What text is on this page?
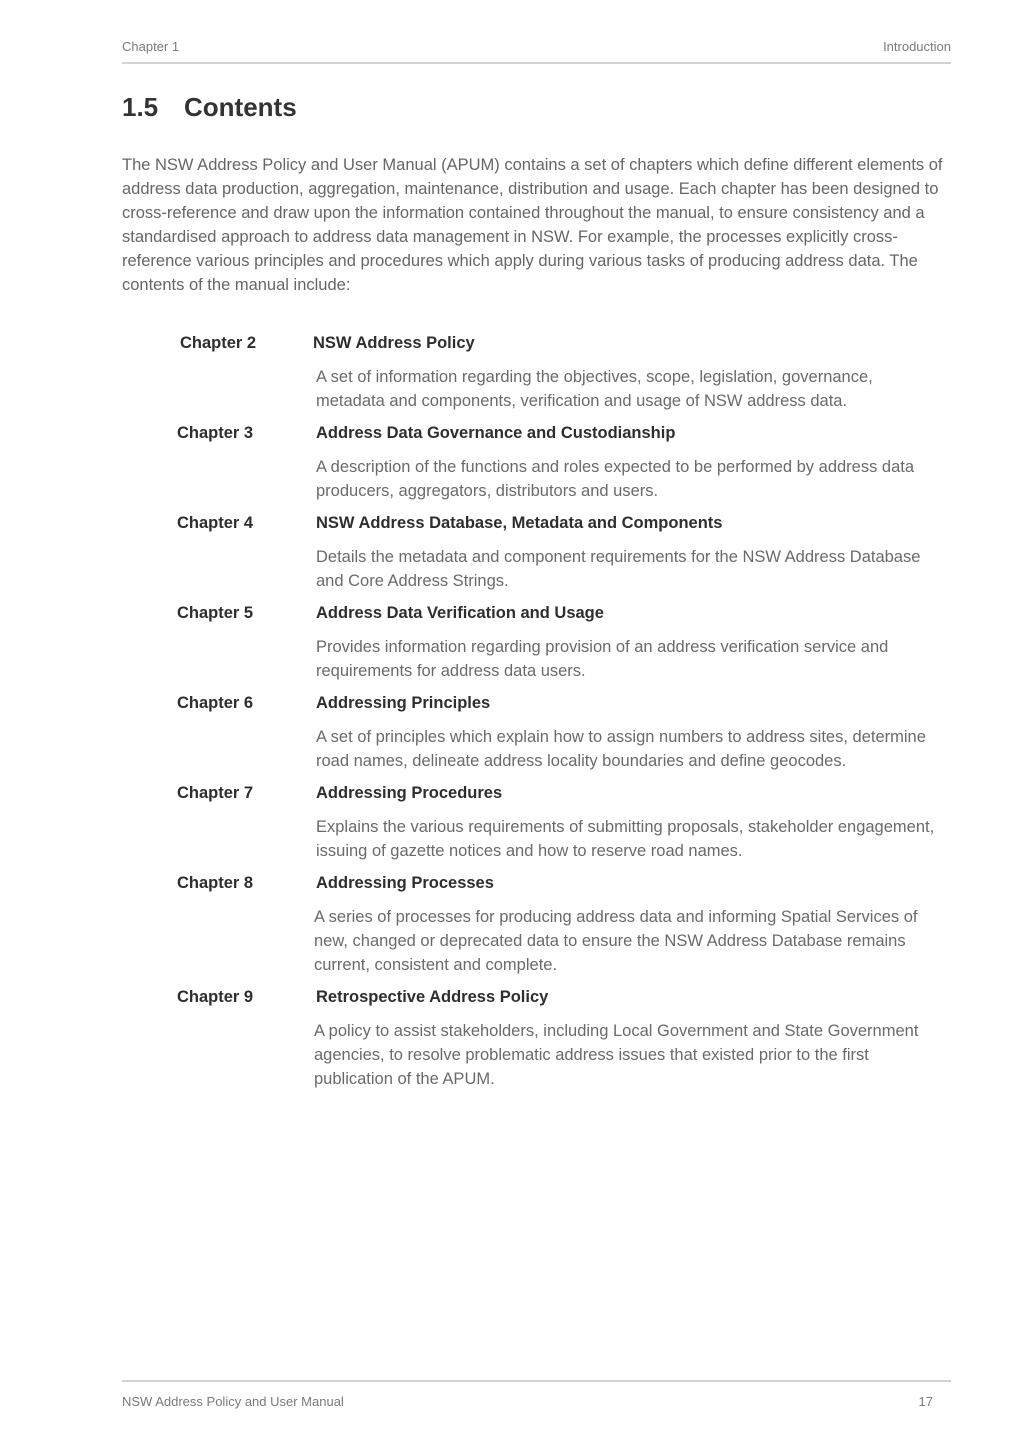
Chapter 1	Introduction
1.5 Contents

The NSW Address Policy and User Manual (APUM) contains a set of chapters which define different elements of address data production, aggregation, maintenance, distribution and usage. Each chapter has been designed to cross-reference and draw upon the information contained throughout the manual, to ensure consistency and a standardised approach to address data management in NSW. For example, the processes explicitly cross-reference various principles and procedures which apply during various tasks of producing address data. The contents of the manual include:

Chapter 2	NSW Address Policy
A set of information regarding the objectives, scope, legislation, governance, metadata and components, verification and usage of NSW address data.
Chapter 3	Address Data Governance and Custodianship
A description of the functions and roles expected to be performed by address data producers, aggregators, distributors and users.
Chapter 4	NSW Address Database, Metadata and Components
Details the metadata and component requirements for the NSW Address Database and Core Address Strings.
Chapter 5	Address Data Verification and Usage
Provides information regarding provision of an address verification service and requirements for address data users.
Chapter 6	Addressing Principles
A set of principles which explain how to assign numbers to address sites, determine road names, delineate address locality boundaries and define geocodes.
Chapter 7	Addressing Procedures
Explains the various requirements of submitting proposals, stakeholder engagement, issuing of gazette notices and how to reserve road names.
Chapter 8	Addressing Processes
A series of processes for producing address data and informing Spatial Services of new, changed or deprecated data to ensure the NSW Address Database remains current, consistent and complete.
Chapter 9	Retrospective Address Policy
A policy to assist stakeholders, including Local Government and State Government agencies, to resolve problematic address issues that existed prior to the first publication of the APUM.
NSW Address Policy and User Manual	17
